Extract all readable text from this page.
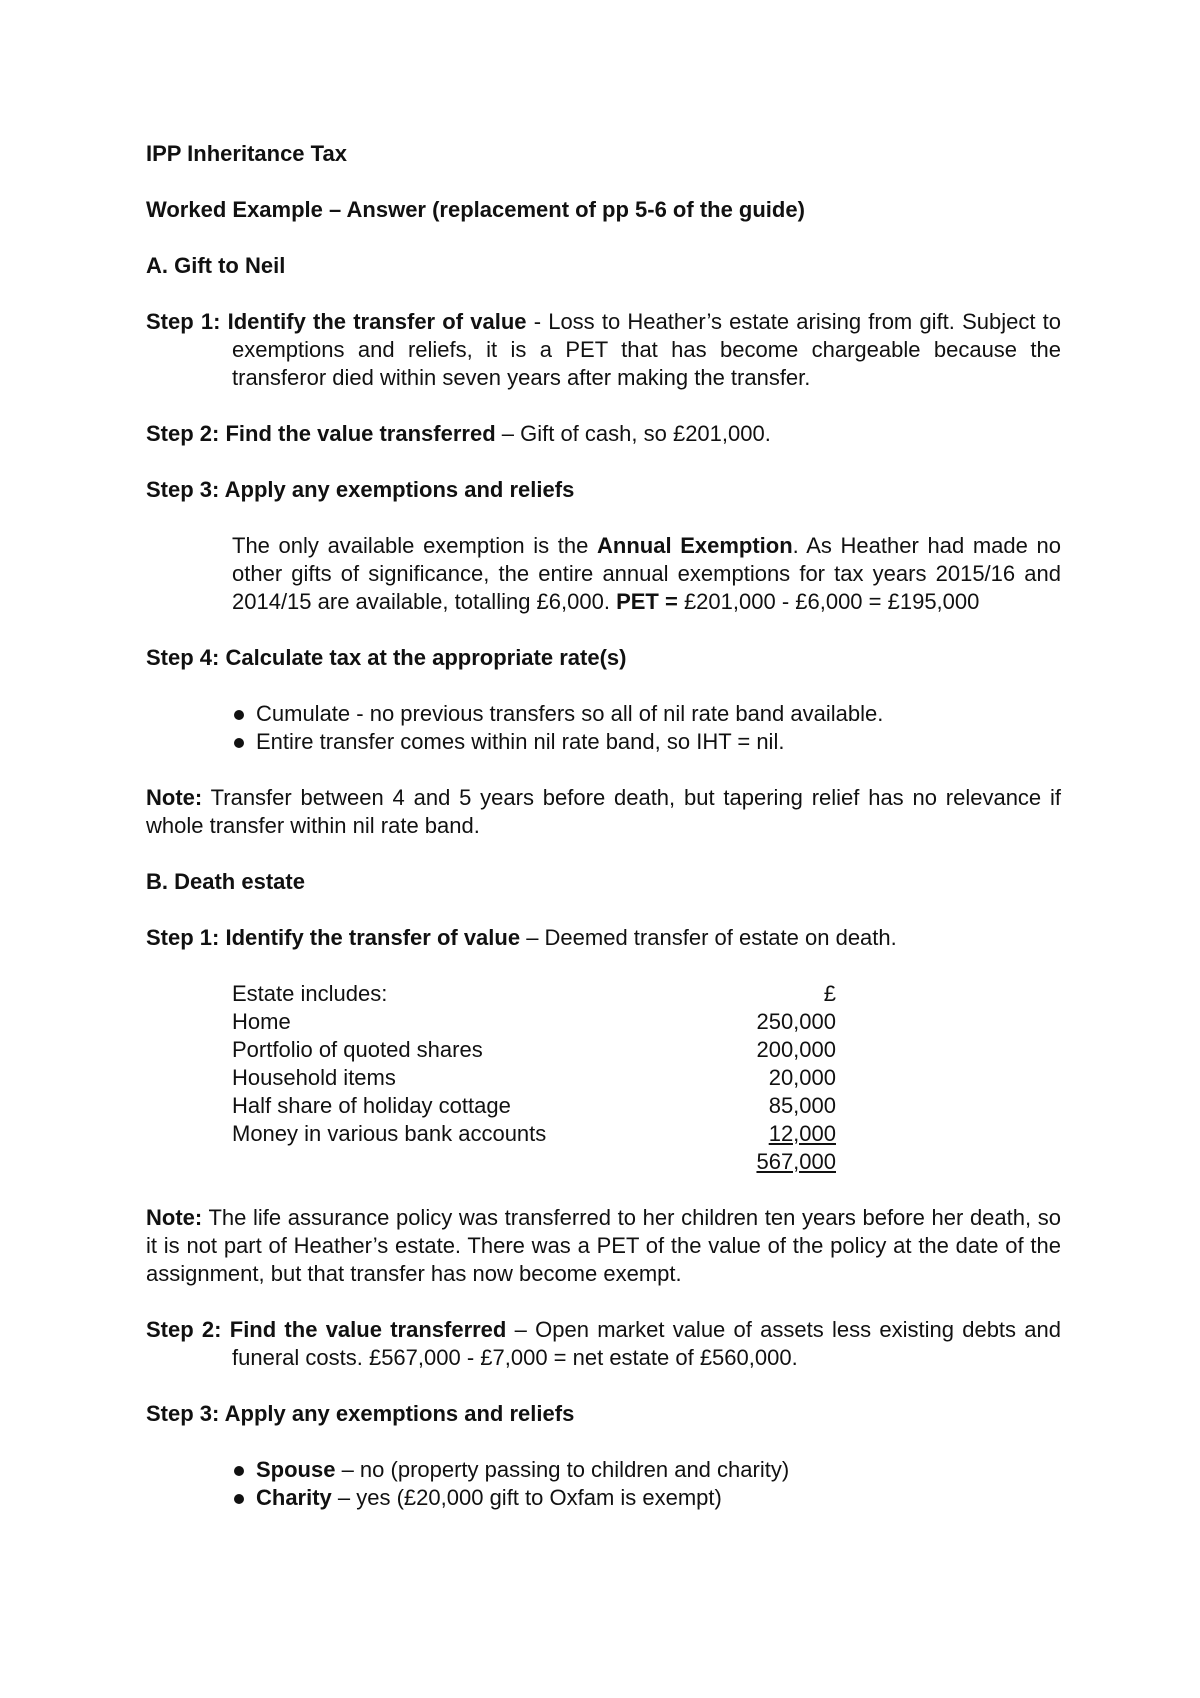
IPP Inheritance Tax

Worked Example – Answer (replacement of pp 5-6 of the guide)

A. Gift to Neil

Step 1: Identify the transfer of value - Loss to Heather’s estate arising from gift. Subject to exemptions and reliefs, it is a PET that has become chargeable because the transferor died within seven years after making the transfer.

Step 2: Find the value transferred – Gift of cash, so £201,000.

Step 3: Apply any exemptions and reliefs

The only available exemption is the Annual Exemption. As Heather had made no other gifts of significance, the entire annual exemptions for tax years 2015/16 and 2014/15 are available, totalling £6,000. PET = £201,000 - £6,000 = £195,000

Step 4: Calculate tax at the appropriate rate(s)

Cumulate - no previous transfers so all of nil rate band available.
Entire transfer comes within nil rate band, so IHT = nil.

Note: Transfer between 4 and 5 years before death, but tapering relief has no relevance if whole transfer within nil rate band.

B. Death estate

Step 1: Identify the transfer of value – Deemed transfer of estate on death.

Estate includes:	£
Home	250,000
Portfolio of quoted shares	200,000
Household items	20,000
Half share of holiday cottage	85,000
Money in various bank accounts	12,000
	567,000

Note: The life assurance policy was transferred to her children ten years before her death, so it is not part of Heather’s estate. There was a PET of the value of the policy at the date of the assignment, but that transfer has now become exempt.

Step 2: Find the value transferred – Open market value of assets less existing debts and funeral costs. £567,000 - £7,000 = net estate of £560,000.

Step 3: Apply any exemptions and reliefs

Spouse – no (property passing to children and charity)
Charity – yes (£20,000 gift to Oxfam is exempt)
